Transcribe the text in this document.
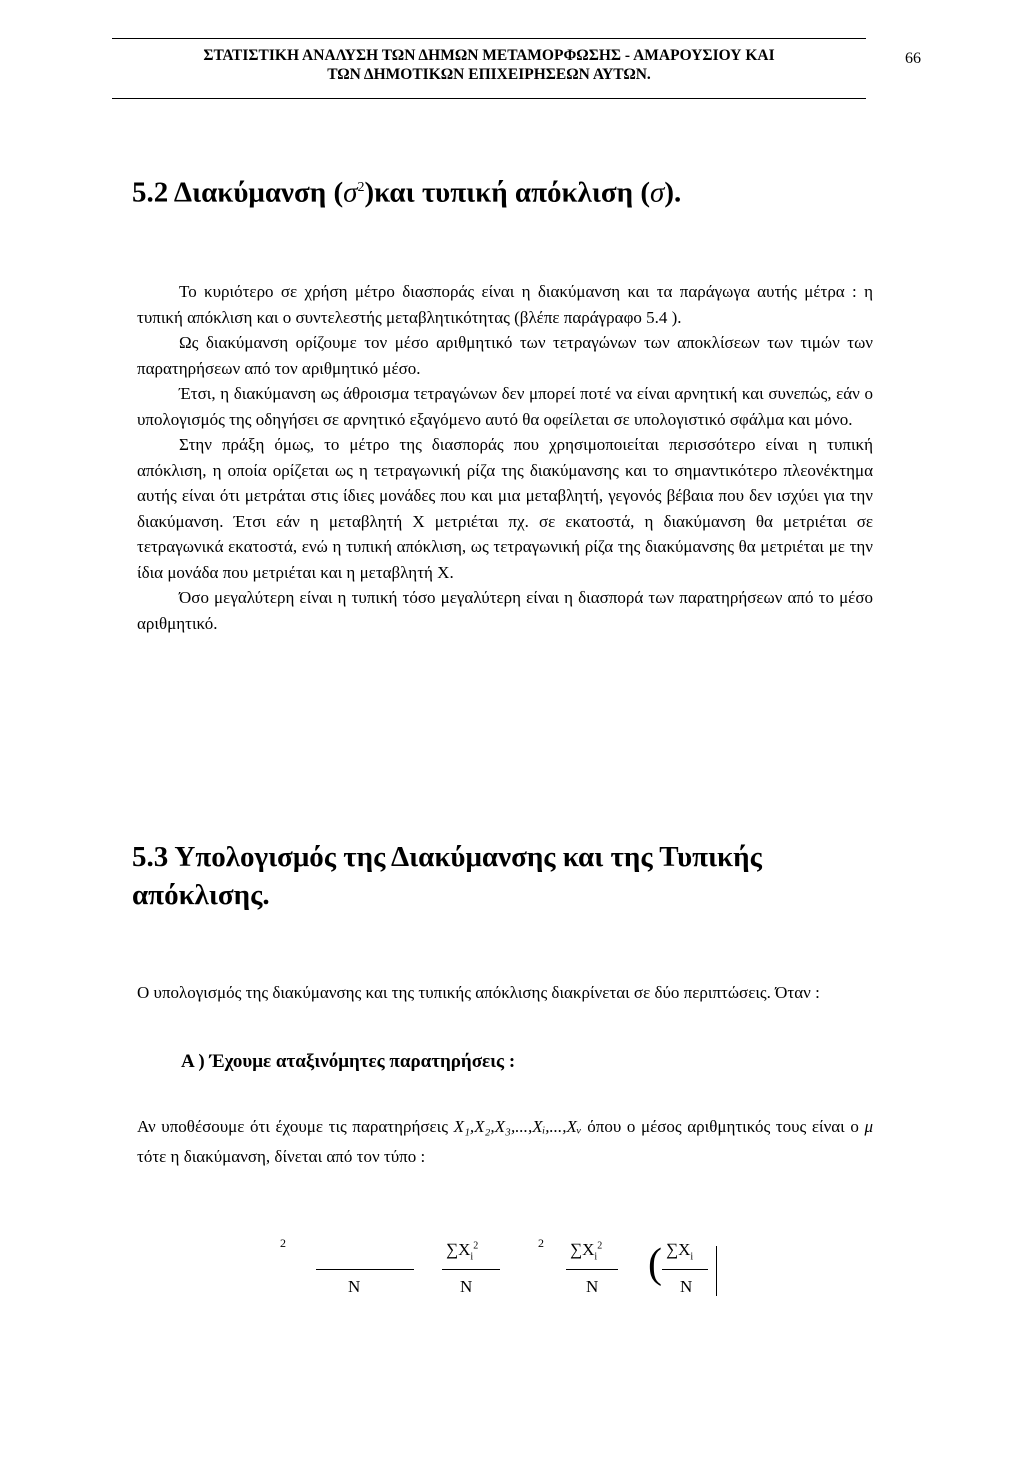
ΣΤΑΤΙΣΤΙΚΗ ΑΝΑΛΥΣΗ ΤΩΝ ΔΗΜΩΝ ΜΕΤΑΜΟΡΦΩΣΗΣ - ΑΜΑΡΟΥΣΙΟΥ ΚΑΙ
ΤΩΝ ΔΗΜΟΤΙΚΩΝ ΕΠΙΧΕΙΡΗΣΕΩΝ ΑΥΤΩΝ.
66
5.2 Διακύμανση $(\sigma^2)\kappa\alpha\iota$ τυπική απόκλιση (σ).

Το κυριότερο σε χρήση μέτρο διασποράς είναι η διακύμανση και τα παράγωγα αυτής μέτρα : η τυπική απόκλιση και ο συντελεστής μεταβλητικότητας (βλέπε παράγραφο 5.4 ).

Ως διακύμανση ορίζουμε τον μέσο αριθμητικό των τετραγώνων των αποκλίσεων των τιμών των παρατηρήσεων από τον αριθμητικό μέσο.

Έτσι, η διακύμανση ως άθροισμα τετραγώνων δεν μπορεί ποτέ να είναι αρνητική και συνεπώς, εάν ο υπολογισμός της οδηγήσει σε αρνητικό εξαγόμενο αυτό θα οφείλεται σε υπολογιστικό σφάλμα και μόνο.

Στην πράξη όμως, το μέτρο της διασποράς που χρησιμοποιείται περισσότερο είναι η τυπική απόκλιση, η οποία ορίζεται ως η τετραγωνική ρίζα της διακύμανσης και το σημαντικότερο πλεονέκτημα αυτής είναι ότι μετράται στις ίδιες μονάδες που και μια μεταβλητή, γεγονός βέβαια που δεν ισχύει για την διακύμανση. Έτσι εάν η μεταβλητή Χ μετριέται πχ. σε εκατοστά, η διακύμανση θα μετριέται σε τετραγωνικά εκατοστά, ενώ η τυπική απόκλιση, ως τετραγωνική ρίζα της διακύμανσης θα μετριέται με την ίδια μονάδα που μετριέται και η μεταβλητή Χ.

Όσο μεγαλύτερη είναι η τυπική τόσο μεγαλύτερη είναι η διασπορά των παρατηρήσεων από το μέσο αριθμητικό.

5.3 Υπολογισμός της Διακύμανσης και της Τυπικής απόκλισης.

Ο υπολογισμός της διακύμανσης και της τυπικής απόκλισης διακρίνεται σε δύο περιπτώσεις. Όταν :

Α ) Έχουμε αταξινόμητες παρατηρήσεις :

Αν υποθέσουμε ότι έχουμε τις παρατηρήσεις X₁,X₂,X₃,...,Xᵢ,...,Xᵥ όπου ο μέσος αριθμητικός τους είναι ο μ τότε η διακύμανση, δίνεται από τον τύπο :

2
N
$\sum X_i^2$
N
2 $\sum X_i^2$
N ( $\sum X_i$
N
